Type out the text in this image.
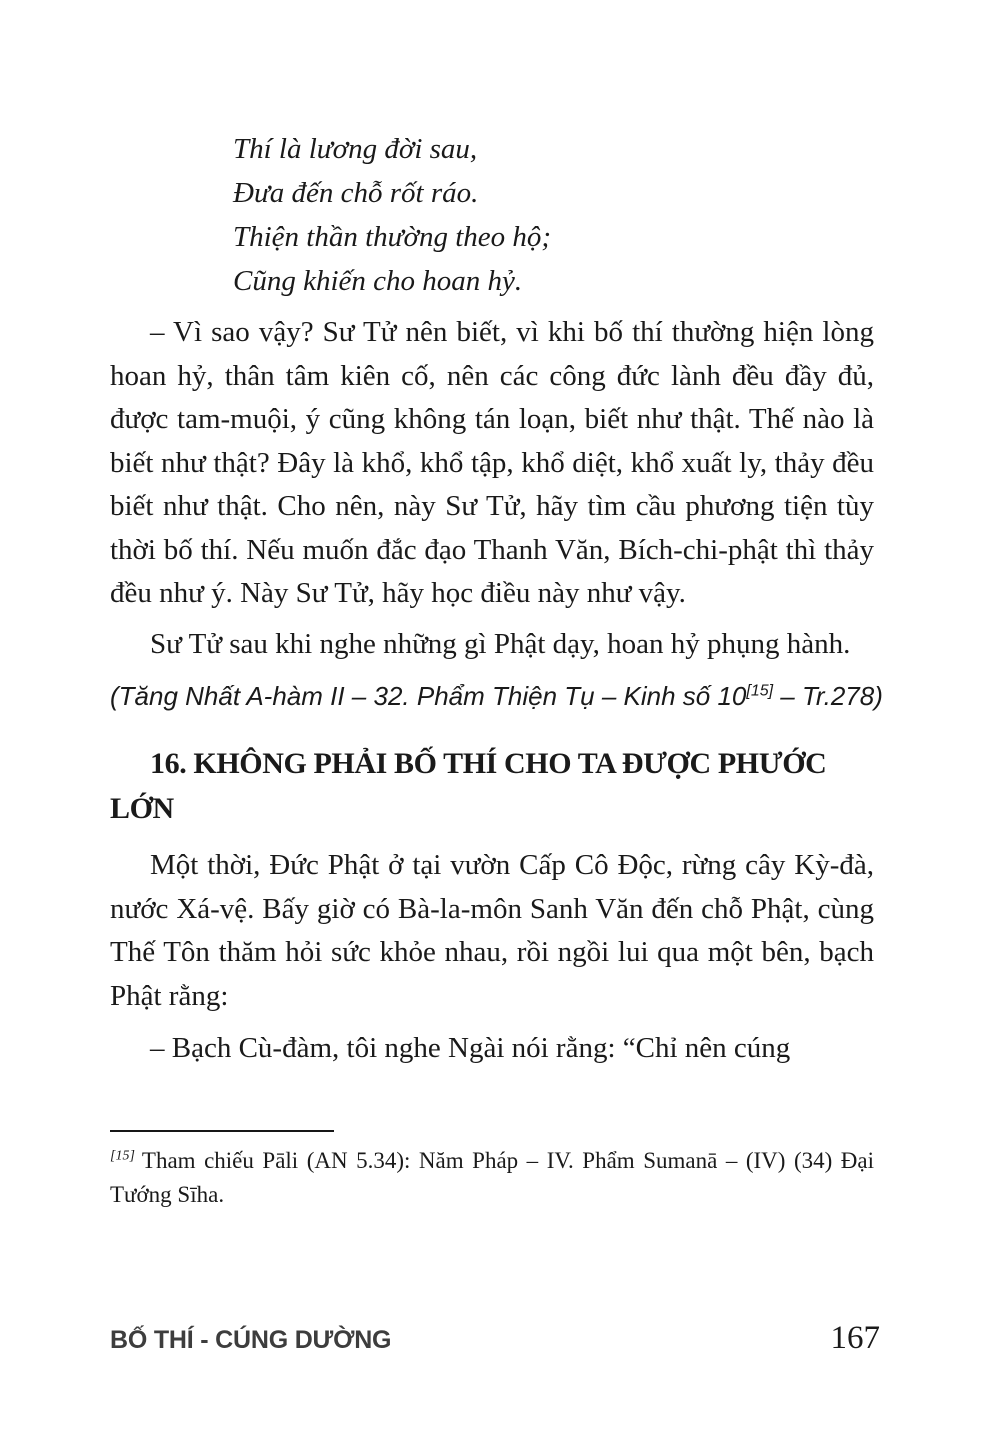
Thí là lương đời sau,
Đưa đến chỗ rốt ráo.
Thiện thần thường theo hộ;
Cũng khiến cho hoan hỷ.

– Vì sao vậy? Sư Tử nên biết, vì khi bố thí thường hiện lòng hoan hỷ, thân tâm kiên cố, nên các công đức lành đều đầy đủ, được tam-muội, ý cũng không tán loạn, biết như thật. Thế nào là biết như thật? Đây là khổ, khổ tập, khổ diệt, khổ xuất ly, thảy đều biết như thật. Cho nên, này Sư Tử, hãy tìm cầu phương tiện tùy thời bố thí. Nếu muốn đắc đạo Thanh Văn, Bích-chi-phật thì thảy đều như ý. Này Sư Tử, hãy học điều này như vậy.

Sư Tử sau khi nghe những gì Phật dạy, hoan hỷ phụng hành.

(Tăng Nhất A-hàm II – 32. Phẩm Thiện Tụ – Kinh số 10[15] – Tr.278)
16. KHÔNG PHẢI BỐ THÍ CHO TA ĐƯỢC PHƯỚC LỚN

Một thời, Đức Phật ở tại vườn Cấp Cô Độc, rừng cây Kỳ-đà, nước Xá-vệ. Bấy giờ có Bà-la-môn Sanh Văn đến chỗ Phật, cùng Thế Tôn thăm hỏi sức khỏe nhau, rồi ngồi lui qua một bên, bạch Phật rằng:

– Bạch Cù-đàm, tôi nghe Ngài nói rằng: “Chỉ nên cúng

[15] Tham chiếu Pāli (AN 5.34): Năm Pháp – IV. Phẩm Sumanā – (IV) (34) Đại Tướng Sīha.
BỐ THÍ - CÚNG DƯỜNG	167
